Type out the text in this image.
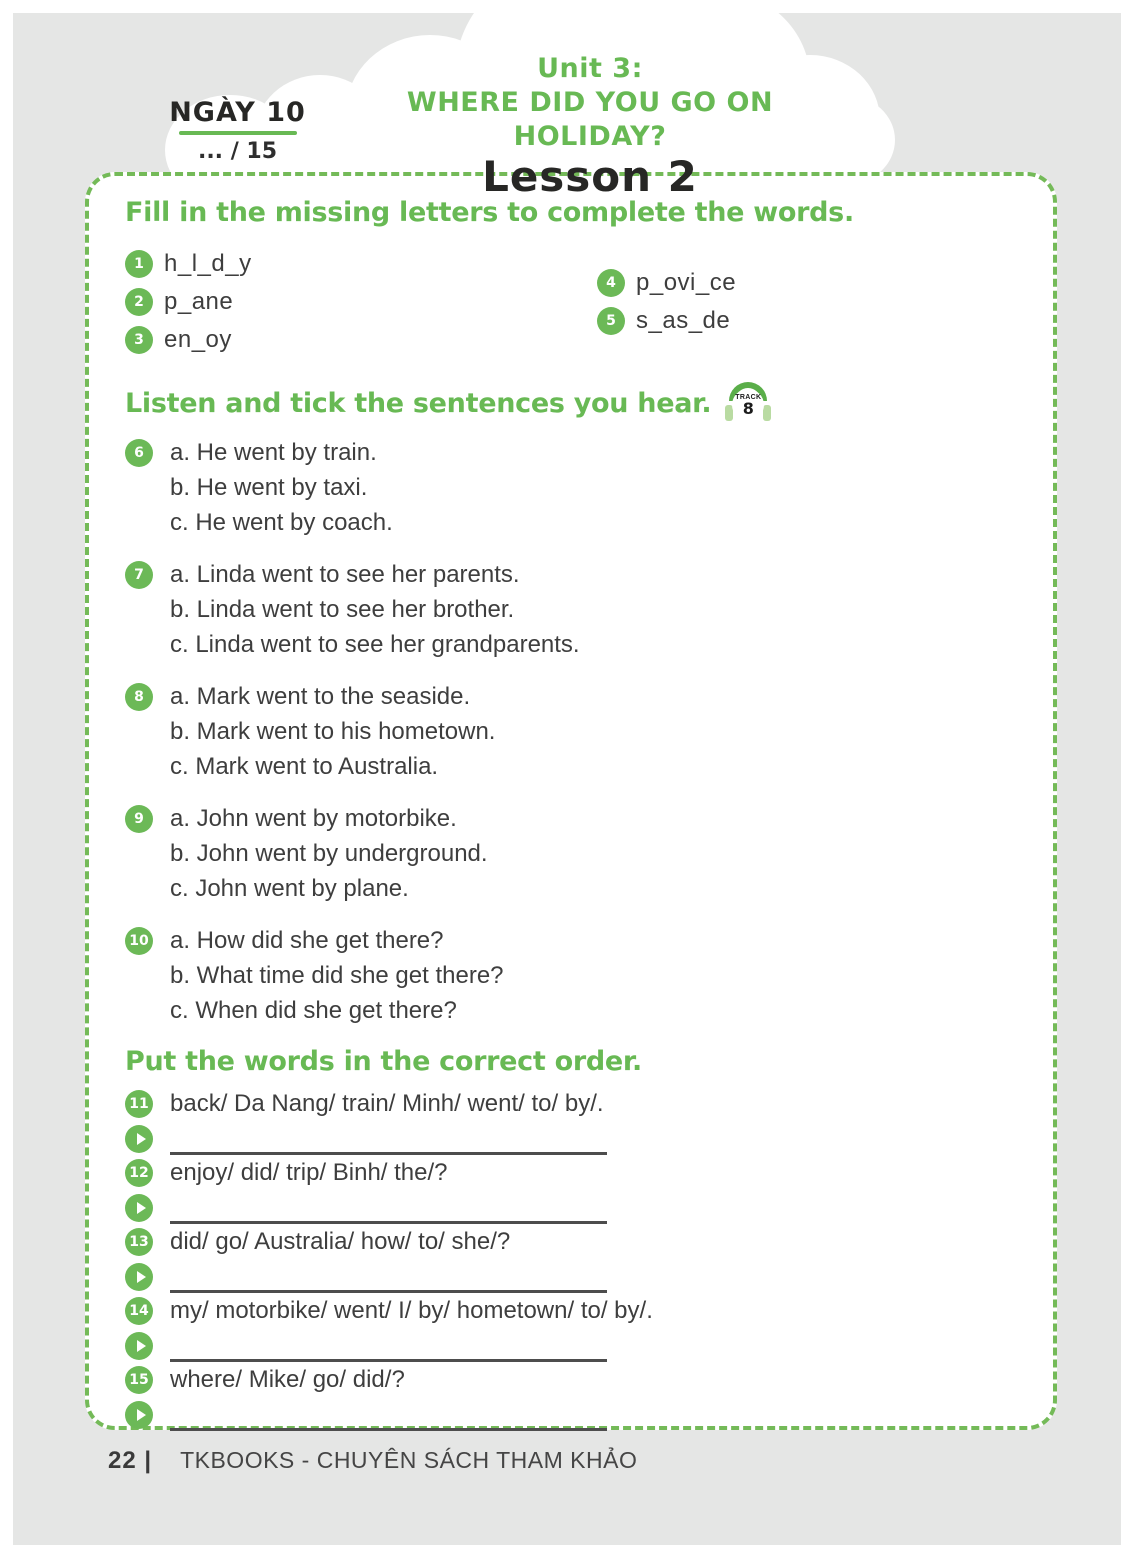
NGÀY 10
... / 15
Unit 3:
WHERE DID YOU GO ON HOLIDAY?
Lesson 2
Fill in the missing letters to complete the words.
1 h_l_d_y
2 p_ane
3 en_oy
4 p_ovi_ce
5 s_as_de
Listen and tick the sentences you hear.	TRACK
8
6	a. He went by train.
b. He went by taxi.
c. He went by coach.
7	a. Linda went to see her parents.
b. Linda went to see her brother.
c. Linda went to see her grandparents.
8	a. Mark went to the seaside.
b. Mark went to his hometown.
c. Mark went to Australia.
9	a. John went by motorbike.
b. John went by underground.
c. John went by plane.
10 a. How did she get there?
b. What time did she get there?
c. When did she get there?
Put the words in the correct order.
11 back/ Da Nang/ train/ Minh/ went/ to/ by/.
12 enjoy/ did/ trip/ Binh/ the/?
13 did/ go/ Australia/ how/ to/ she/?
14 my/ motorbike/ went/ I/ by/ hometown/ to/ by/.
15 where/ Mike/ go/ did/?
22 | TKBOOKS - CHUYÊN SÁCH THAM KHẢO
